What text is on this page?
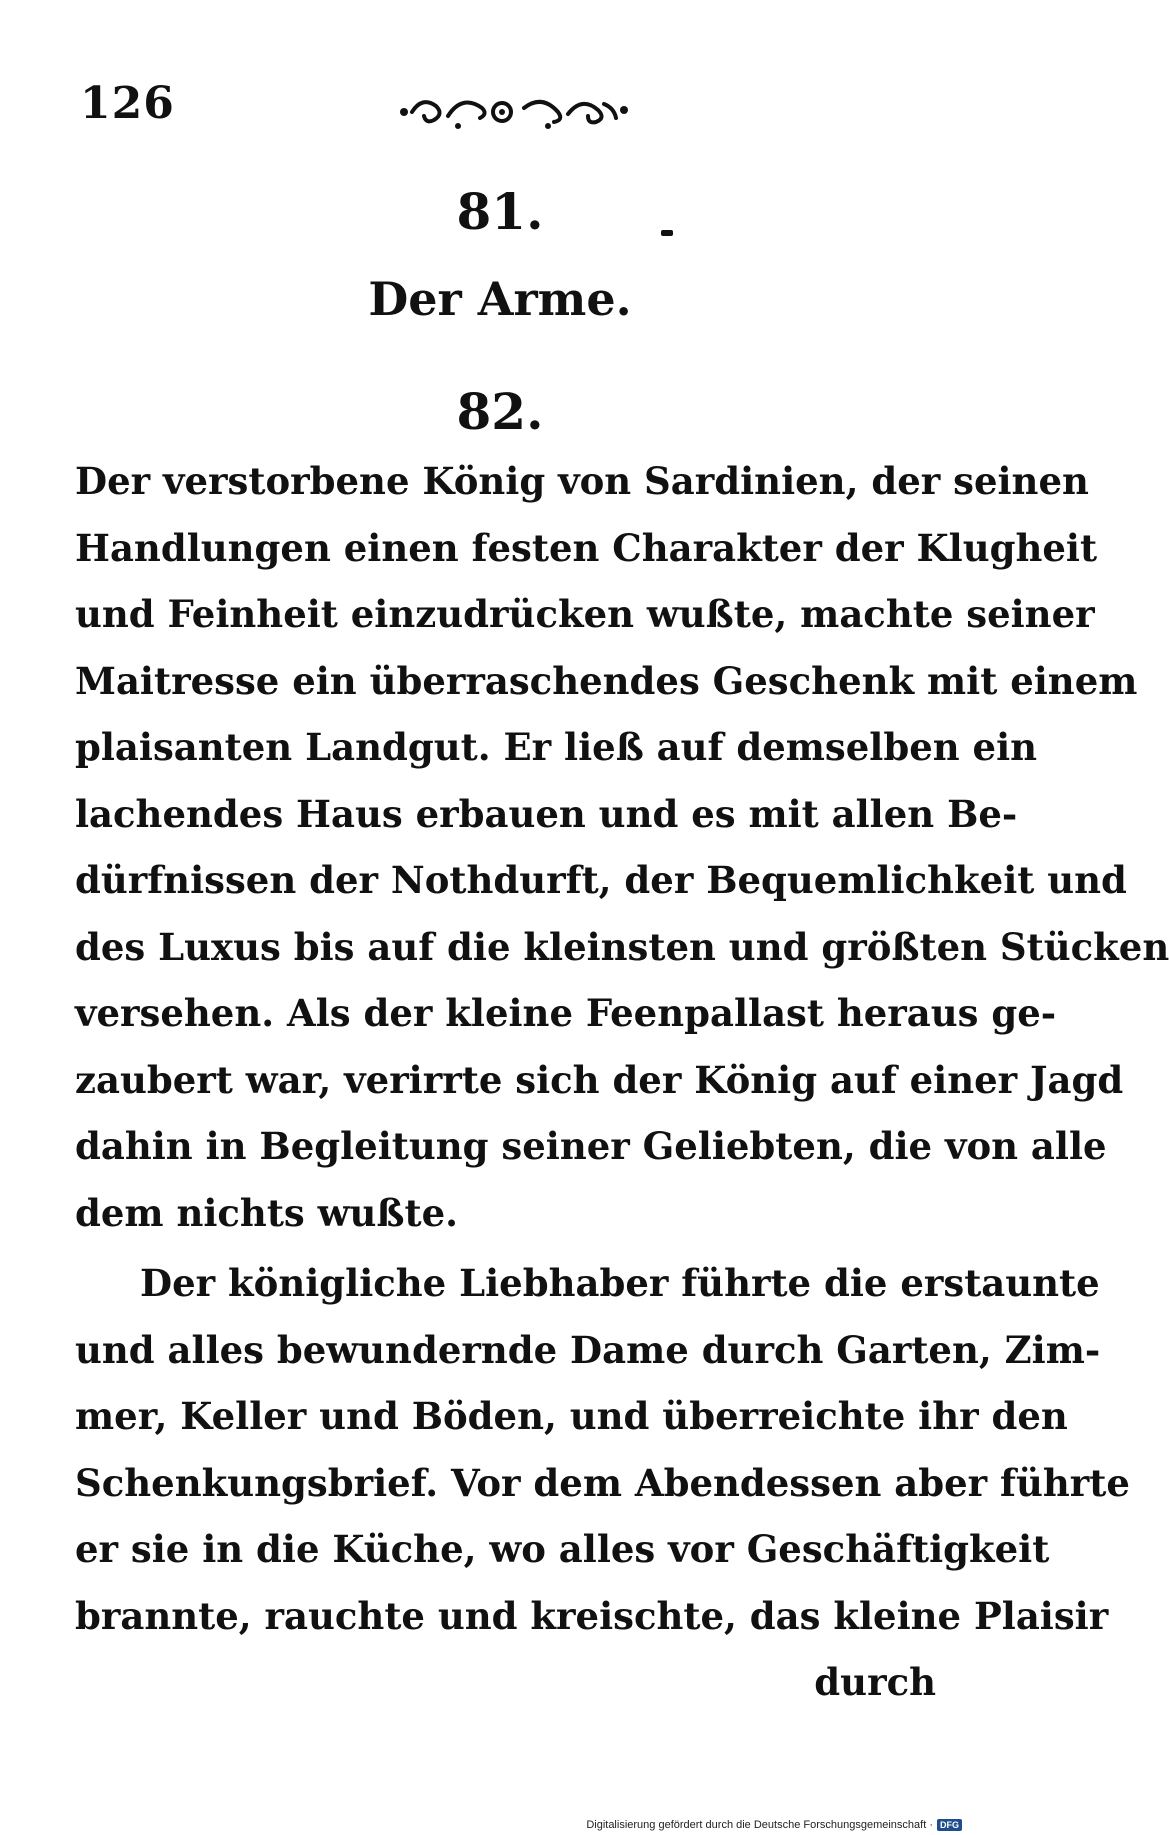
126
81.
Der Arme.
82.
Der verstorbene König von Sardinien, der seinen
Handlungen einen festen Charakter der Klugheit
und Feinheit einzudrücken wußte, machte seiner
Maitresse ein überraschendes Geschenk mit einem
plaisanten Landgut. Er ließ auf demselben ein
lachendes Haus erbauen und es mit allen Be-
dürfnissen der Nothdurft, der Bequemlichkeit und
des Luxus bis auf die kleinsten und größten Stücken
versehen. Als der kleine Feenpallast heraus ge-
zaubert war, verirrte sich der König auf einer Jagd
dahin in Begleitung seiner Geliebten, die von alle
dem nichts wußte.
Der königliche Liebhaber führte die erstaunte
und alles bewundernde Dame durch Garten, Zim-
mer, Keller und Böden, und überreichte ihr den
Schenkungsbrief. Vor dem Abendessen aber führte
er sie in die Küche, wo alles vor Geschäftigkeit
brannte, rauchte und kreischte, das kleine Plaisir
durch
Digitalisierung gefördert durch die Deutsche Forschungsgemeinschaft · DFG
